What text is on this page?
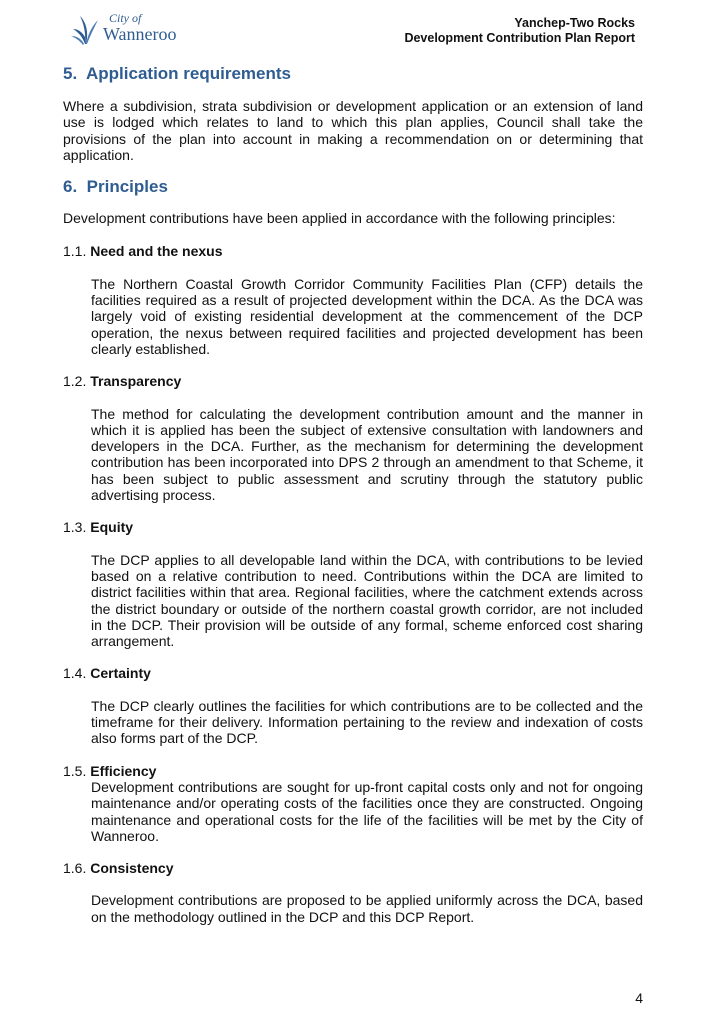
City of
Wanneroo
Yanchep-Two Rocks
Development Contribution Plan Report
5. Application requirements

Where a subdivision, strata subdivision or development application or an extension of land use is lodged which relates to land to which this plan applies, Council shall take the provisions of the plan into account in making a recommendation on or determining that application.

6. Principles

Development contributions have been applied in accordance with the following principles:

1.1. Need and the nexus

The Northern Coastal Growth Corridor Community Facilities Plan (CFP) details the facilities required as a result of projected development within the DCA. As the DCA was largely void of existing residential development at the commencement of the DCP operation, the nexus between required facilities and projected development has been clearly established.

1.2. Transparency

The method for calculating the development contribution amount and the manner in which it is applied has been the subject of extensive consultation with landowners and developers in the DCA. Further, as the mechanism for determining the development contribution has been incorporated into DPS 2 through an amendment to that Scheme, it has been subject to public assessment and scrutiny through the statutory public advertising process.

1.3. Equity

The DCP applies to all developable land within the DCA, with contributions to be levied based on a relative contribution to need. Contributions within the DCA are limited to district facilities within that area. Regional facilities, where the catchment extends across the district boundary or outside of the northern coastal growth corridor, are not included in the DCP. Their provision will be outside of any formal, scheme enforced cost sharing arrangement.

1.4. Certainty

The DCP clearly outlines the facilities for which contributions are to be collected and the timeframe for their delivery. Information pertaining to the review and indexation of costs also forms part of the DCP.

1.5. Efficiency

Development contributions are sought for up-front capital costs only and not for ongoing maintenance and/or operating costs of the facilities once they are constructed. Ongoing maintenance and operational costs for the life of the facilities will be met by the City of Wanneroo.

1.6. Consistency

Development contributions are proposed to be applied uniformly across the DCA, based on the methodology outlined in the DCP and this DCP Report.

4
